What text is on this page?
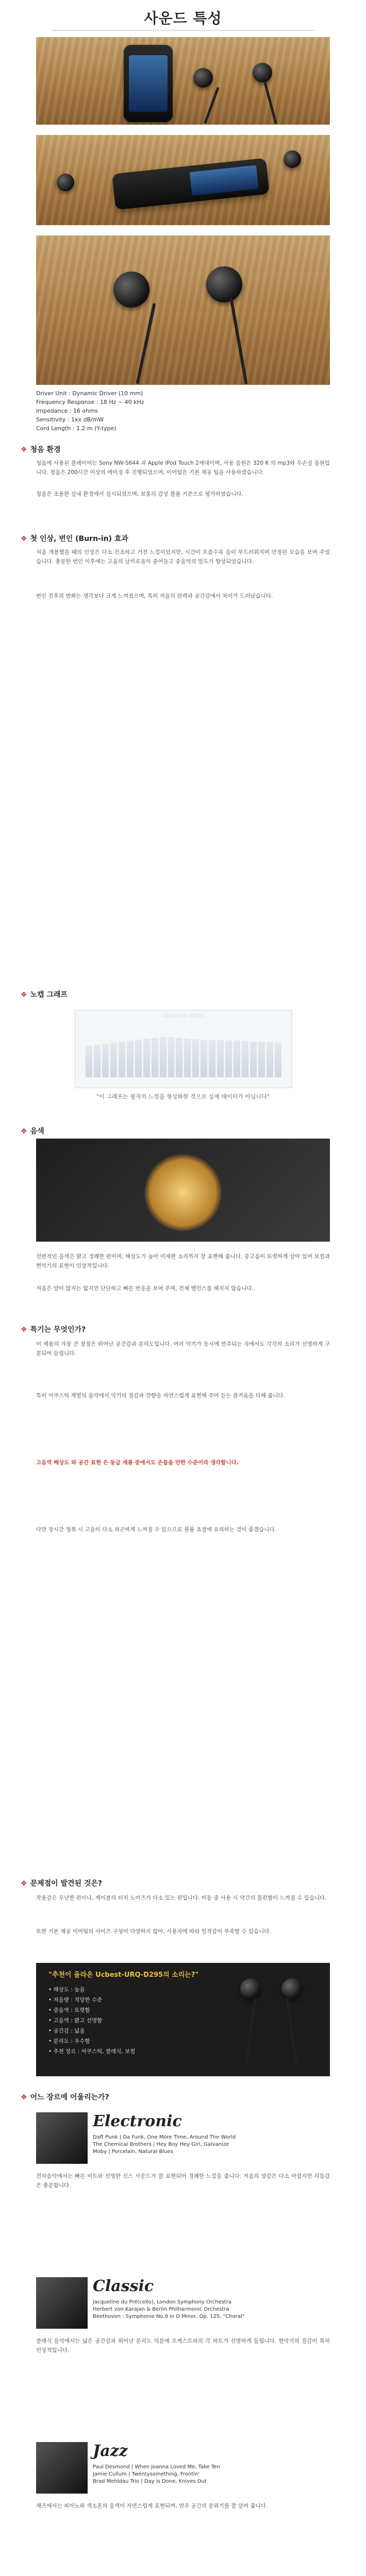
사운드 특성
Driver Unit : Dynamic Driver (10 mm)
Frequency Response : 18 Hz ~ 40 kHz
Impedance : 16 ohms
Sensitivity : 1xx dB/mW
Cord Length : 1.2 m (Y-type)
❖ 청음 환경
청음에 사용된 플레이어는 Sony NW-S644 과 Apple iPod Touch 2세대이며, 사용 음원은 320 K 의 mp3와 무손실 음원입니다. 청음은 200시간 이상의 에이징 후 진행되었으며, 이어팁은 기본 제공 팁을 사용하였습니다.
청음은 조용한 실내 환경에서 실시되었으며, 보통의 감상 볼륨 기준으로 평가하였습니다.
❖ 첫 인상, 번인 (Burn-in) 효과
처음 개봉했을 때의 인상은 다소 건조하고 거친 느낌이었지만, 시간이 흐를수록 음이 부드러워지며 안정된 모습을 보여 주었습니다. 충분한 번인 이후에는 고음의 날카로움이 줄어들고 중음역의 밀도가 향상되었습니다.
번인 전후의 변화는 생각보다 크게 느껴졌으며, 특히 저음의 탄력과 공간감에서 차이가 드러났습니다.
❖ 노캡 그래프
Ucbest®-D295
"이 그래프는 필자의 느낌을 형상화한 것으로 실제 데이터가 아닙니다"
❖ 음색
전반적인 음색은 밝고 경쾌한 편이며, 해상도가 높아 미세한 소리까지 잘 표현해 줍니다. 중고음이 또렷하게 살아 있어 보컬과 현악기의 표현이 인상적입니다.
저음은 양이 많지는 않지만 단단하고 빠른 반응을 보여 주며, 전체 밸런스를 해치지 않습니다.
❖ 특기는 무엇인가?
이 제품의 가장 큰 장점은 뛰어난 공간감과 분리도입니다. 여러 악기가 동시에 연주되는 곡에서도 각각의 소리가 선명하게 구분되어 들립니다.
특히 어쿠스틱 계열의 음악에서 악기의 질감과 잔향을 자연스럽게 표현해 주어 듣는 즐거움을 더해 줍니다.
고음역 해상도 와 공간 표현 은 동급 제품 중에서도 손꼽을 만한 수준이라 생각합니다.
다만 장시간 청취 시 고음이 다소 피곤하게 느껴질 수 있으므로 볼륨 조절에 유의하는 것이 좋겠습니다.
❖ 문제점이 발견된 것은?
착용감은 무난한 편이나, 케이블의 터치 노이즈가 다소 있는 편입니다. 이동 중 사용 시 약간의 불편함이 느껴질 수 있습니다.
또한 기본 제공 이어팁의 사이즈 구성이 다양하지 않아, 사용자에 따라 밀착감이 부족할 수 있습니다.
"추천이 올라온 Ucbest-URQ-D295의 소리는?"
• 해상도 : 높음
• 저음량 : 적당한 수준
• 중음역 : 또렷함
• 고음역 : 밝고 선명함
• 공간감 : 넓음
• 분리도 : 우수함
• 추천 장르 : 어쿠스틱, 클래식, 보컬
❖ 어느 장르에 어울리는가?
Electronic
Daft Punk | Da Funk, One More Time, Around The World
The Chemical Brothers | Hey Boy Hey Girl, Galvanize
Moby | Porcelain, Natural Blues
전자음악에서는 빠른 비트와 선명한 신스 사운드가 잘 표현되어 경쾌한 느낌을 줍니다. 저음의 양감은 다소 아쉽지만 리듬감은 충분합니다.
Classic
Jacqueline du Pré(cello), London Symphony Orchestra
Herbert von Karajan & Berlin Philharmonic Orchestra
Beethoven : Symphonie No.9 in D Minor, Op. 125, "Choral"
클래식 음악에서는 넓은 공간감과 뛰어난 분리도 덕분에 오케스트라의 각 파트가 선명하게 들립니다. 현악기의 질감이 특히 인상적입니다.
Jazz
Paul Desmond | When Joanna Loved Me, Take Ten
Jamie Cullum | Twentysomething, Frontin'
Brad Mehldau Trio | Day is Done, Knives Out
재즈에서는 피아노와 색소폰의 음색이 자연스럽게 표현되며, 연주 공간의 분위기를 잘 살려 줍니다.
